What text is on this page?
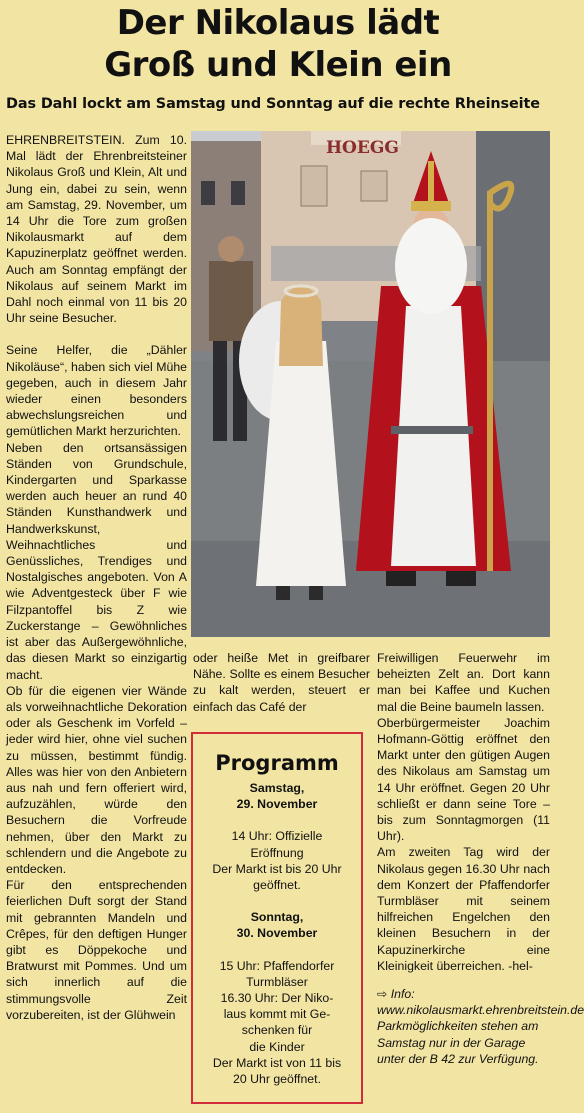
Der Nikolaus lädt
Groß und Klein ein
Das Dahl lockt am Samstag und Sonntag auf die rechte Rheinseite

EHRENBREITSTEIN. Zum 10. Mal lädt der Ehrenbreitsteiner Nikolaus Groß und Klein, Alt und Jung ein, dabei zu sein, wenn am Samstag, 29. November, um 14 Uhr die Tore zum großen Nikolausmarkt auf dem Kapuzinerplatz geöffnet werden. Auch am Sonntag empfängt der Nikolaus auf seinem Markt im Dahl noch einmal von 11 bis 20 Uhr seine Besucher.

Seine Helfer, die „Dähler Nikoläuse“, haben sich viel Mühe gegeben, auch in diesem Jahr wieder einen besonders abwechslungsreichen und gemütlichen Markt herzurichten.

Neben den ortsansässigen Ständen von Grundschule, Kindergarten und Sparkasse werden auch heuer an rund 40 Ständen Kunsthandwerk und Handwerkskunst, Weihnachtliches und Genüssliches, Trendiges und Nostalgisches angeboten. Von A wie Adventgesteck über F wie Filzpantoffel bis Z wie Zuckerstange – Gewöhnliches ist aber das Außergewöhnliche, das diesen Markt so einzigartig macht.

Ob für die eigenen vier Wände als vorweihnachtliche Dekoration oder als Geschenk im Vorfeld – jeder wird hier, ohne viel suchen zu müssen, bestimmt fündig. Alles was hier von den Anbietern aus nah und fern offeriert wird, aufzuzählen, würde den Besuchern die Vorfreude nehmen, über den Markt zu schlendern und die Angebote zu entdecken.

Für den entsprechenden feierlichen Duft sorgt der Stand mit gebrannten Mandeln und Crêpes, für den deftigen Hunger gibt es Döppekoche und Bratwurst mit Pommes. Und um sich innerlich auf die stimmungsvolle Zeit vorzubereiten, ist der Glühwein

HOEGG

oder heiße Met in greifbarer Nähe. Sollte es einem Besucher zu kalt werden, steuert er einfach das Café der

Programm
Samstag,
29. November
14 Uhr: Offizielle
Eröffnung
Der Markt ist bis 20 Uhr
geöffnet.
Sonntag,
30. November
15 Uhr: Pfaffendorfer
Turmbläser
16.30 Uhr: Der Niko-
laus kommt mit Ge-
schenken für
die Kinder
Der Markt ist von 11 bis
20 Uhr geöffnet.

Freiwilligen Feuerwehr im beheizten Zelt an. Dort kann man bei Kaffee und Kuchen mal die Beine baumeln lassen.

Oberbürgermeister Joachim Hofmann-Göttig eröffnet den Markt unter den gütigen Augen des Nikolaus am Samstag um 14 Uhr eröffnet. Gegen 20 Uhr schließt er dann seine Tore – bis zum Sonntagmorgen (11 Uhr).

Am zweiten Tag wird der Nikolaus gegen 16.30 Uhr nach dem Konzert der Pfaffendorfer Turmbläser mit seinem hilfreichen Engelchen den kleinen Besuchern in der Kapuzinerkirche eine Kleinigkeit überreichen. -hel-

⇨ Info: www.nikolausmarkt.ehrenbreitstein.de Parkmöglichkeiten stehen am Samstag nur in der Garage unter der B 42 zur Verfügung.
